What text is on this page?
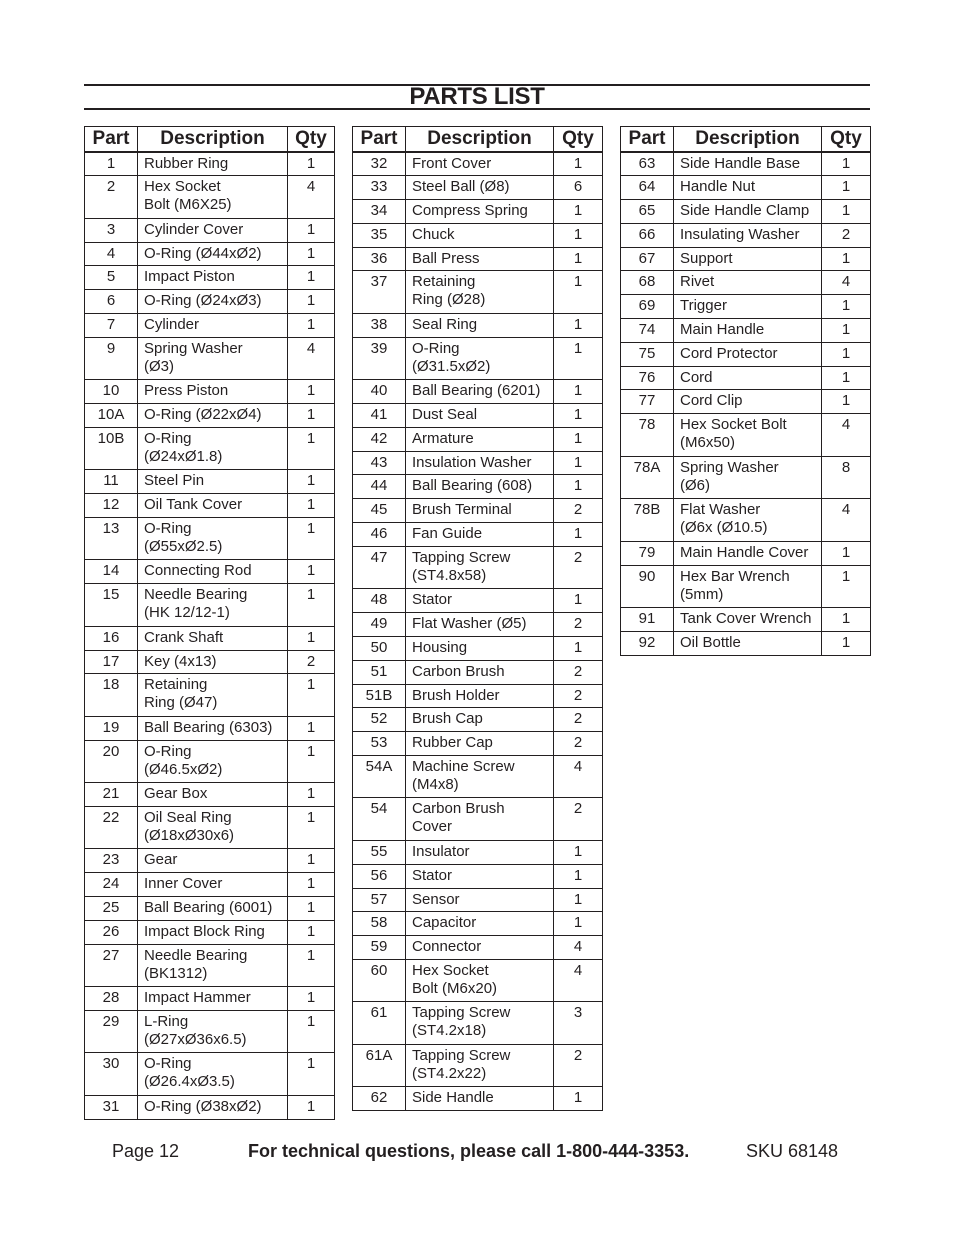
PARTS LIST
Part	Description	Qty
1	Rubber Ring	1
2	Hex Socket
Bolt (M6X25)	4
3	Cylinder Cover	1
4	O-Ring (Ø44xØ2)	1
5	Impact Piston	1
6	O-Ring (Ø24xØ3)	1
7	Cylinder	1
9	Spring Washer
(Ø3)	4
10	Press Piston	1
10A	O-Ring (Ø22xØ4)	1
10B	O-Ring
(Ø24xØ1.8)	1
11	Steel Pin	1
12	Oil Tank Cover	1
13	O-Ring
(Ø55xØ2.5)	1
14	Connecting Rod	1
15	Needle Bearing
(HK 12/12-1)	1
16	Crank Shaft	1
17	Key (4x13)	2
18	Retaining
Ring (Ø47)	1
19	Ball Bearing (6303)	1
20	O-Ring
(Ø46.5xØ2)	1
21	Gear Box	1
22	Oil Seal Ring
(Ø18xØ30x6)	1
23	Gear	1
24	Inner Cover	1
25	Ball Bearing (6001)	1
26	Impact Block Ring	1
27	Needle Bearing
(BK1312)	1
28	Impact Hammer	1
29	L-Ring
(Ø27xØ36x6.5)	1
30	O-Ring
(Ø26.4xØ3.5)	1
31	O-Ring (Ø38xØ2)	1
Part	Description	Qty
32	Front Cover	1
33	Steel Ball (Ø8)	6
34	Compress Spring	1
35	Chuck	1
36	Ball Press	1
37	Retaining
Ring (Ø28)	1
38	Seal Ring	1
39	O-Ring
(Ø31.5xØ2)	1
40	Ball Bearing (6201)	1
41	Dust Seal	1
42	Armature	1
43	Insulation Washer	1
44	Ball Bearing (608)	1
45	Brush Terminal	2
46	Fan Guide	1
47	Tapping Screw
(ST4.8x58)	2
48	Stator	1
49	Flat Washer (Ø5)	2
50	Housing	1
51	Carbon Brush	2
51B	Brush Holder	2
52	Brush Cap	2
53	Rubber Cap	2
54A	Machine Screw
(M4x8)	4
54	Carbon Brush
Cover	2
55	Insulator	1
56	Stator	1
57	Sensor	1
58	Capacitor	1
59	Connector	4
60	Hex Socket
Bolt (M6x20)	4
61	Tapping Screw
(ST4.2x18)	3
61A	Tapping Screw
(ST4.2x22)	2
62	Side Handle	1
Part	Description	Qty
63	Side Handle Base	1
64	Handle Nut	1
65	Side Handle Clamp	1
66	Insulating Washer	2
67	Support	1
68	Rivet	4
69	Trigger	1
74	Main Handle	1
75	Cord Protector	1
76	Cord	1
77	Cord Clip	1
78	Hex Socket Bolt
(M6x50)	4
78A	Spring Washer
(Ø6)	8
78B	Flat Washer
(Ø6x (Ø10.5)	4
79	Main Handle Cover	1
90	Hex Bar Wrench
(5mm)	1
91	Tank Cover Wrench	1
92	Oil Bottle	1
Page 12	For technical questions, please call 1-800-444-3353.	SKU 68148
